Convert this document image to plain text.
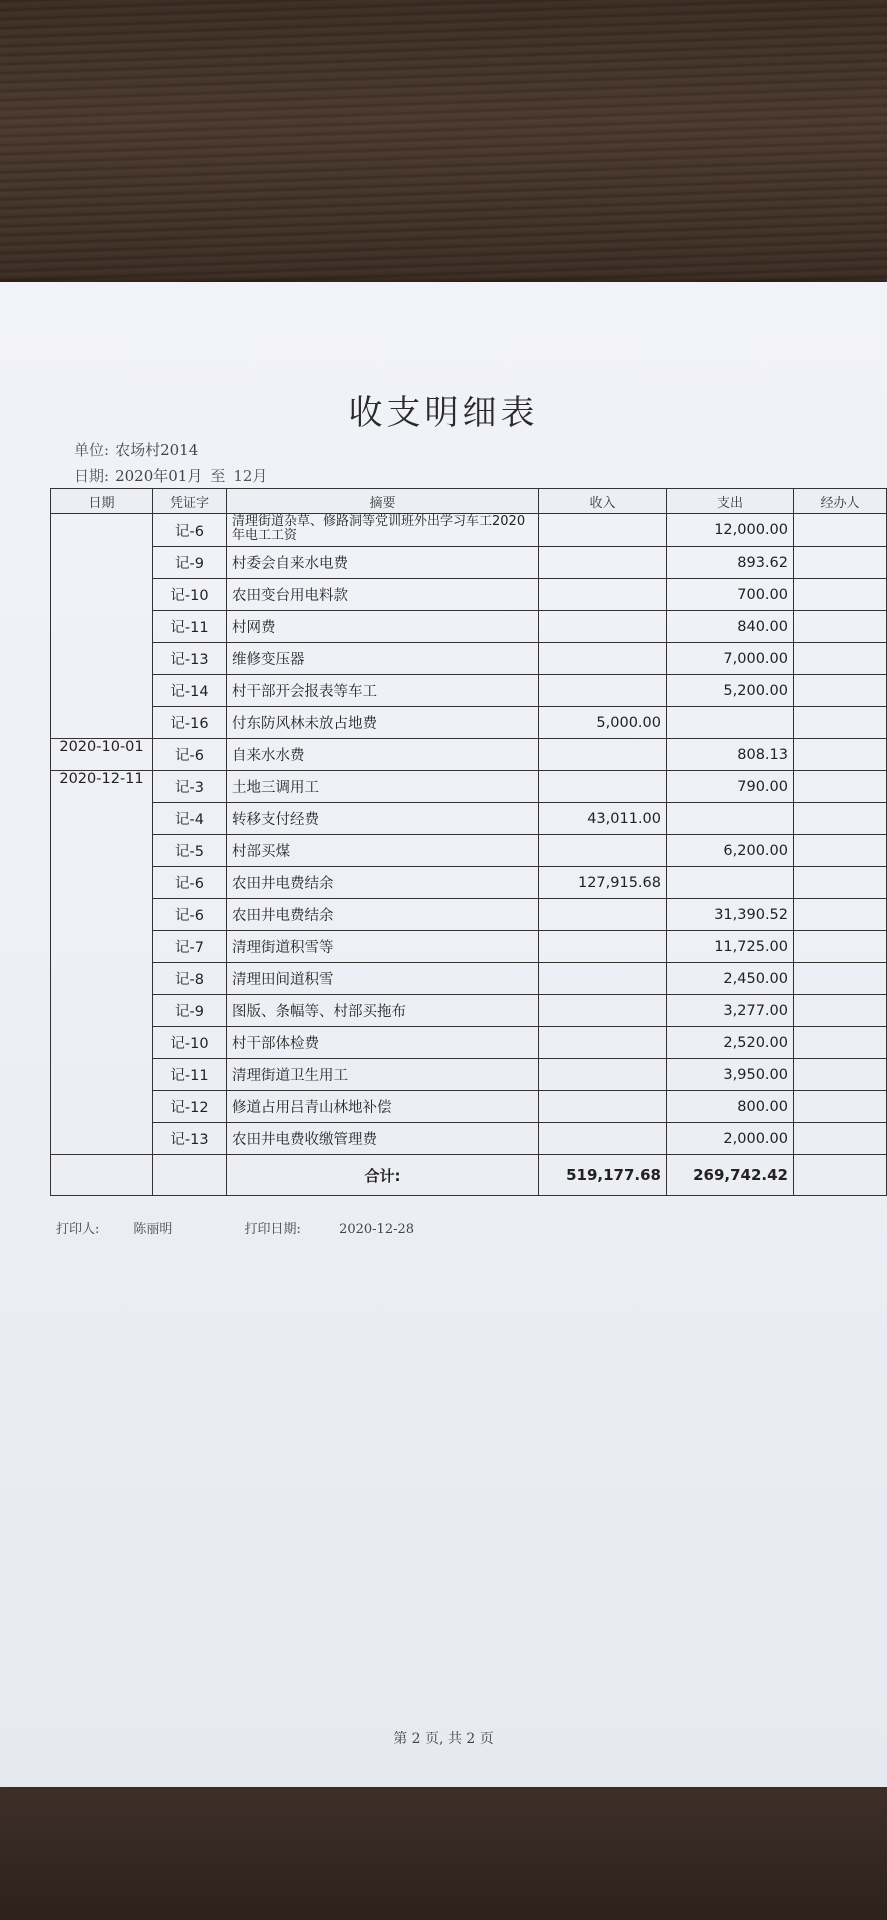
收支明细表
单位: 农场村2014
日期: 2020年01月 至 12月
日期	凭证字	摘要	收入	支出	经办人
	记-6	清理街道杂草、修路洞等党训班外出学习车工2020年电工工资		12,000.00	
	记-9	村委会自来水电费		893.62	
	记-10	农田变台用电料款		700.00	
	记-11	村网费		840.00	
	记-13	维修变压器		7,000.00	
	记-14	村干部开会报表等车工		5,200.00	
	记-16	付东防风林未放占地费	5,000.00		
2020-10-01	记-6	自来水水费		808.13	
2020-12-11	记-3	土地三调用工		790.00	
	记-4	转移支付经费	43,011.00		
	记-5	村部买煤		6,200.00	
	记-6	农田井电费结余	127,915.68		
	记-6	农田井电费结余		31,390.52	
	记-7	清理街道积雪等		11,725.00	
	记-8	清理田间道积雪		2,450.00	
	记-9	图版、条幅等、村部买拖布		3,277.00	
	记-10	村干部体检费		2,520.00	
	记-11	清理街道卫生用工		3,950.00	
	记-12	修道占用吕青山林地补偿		800.00	
	记-13	农田井电费收缴管理费		2,000.00	
		合计:	519,177.68	269,742.42	
打印人:	陈丽明	打印日期:	2020-12-28
第 2 页, 共 2 页
